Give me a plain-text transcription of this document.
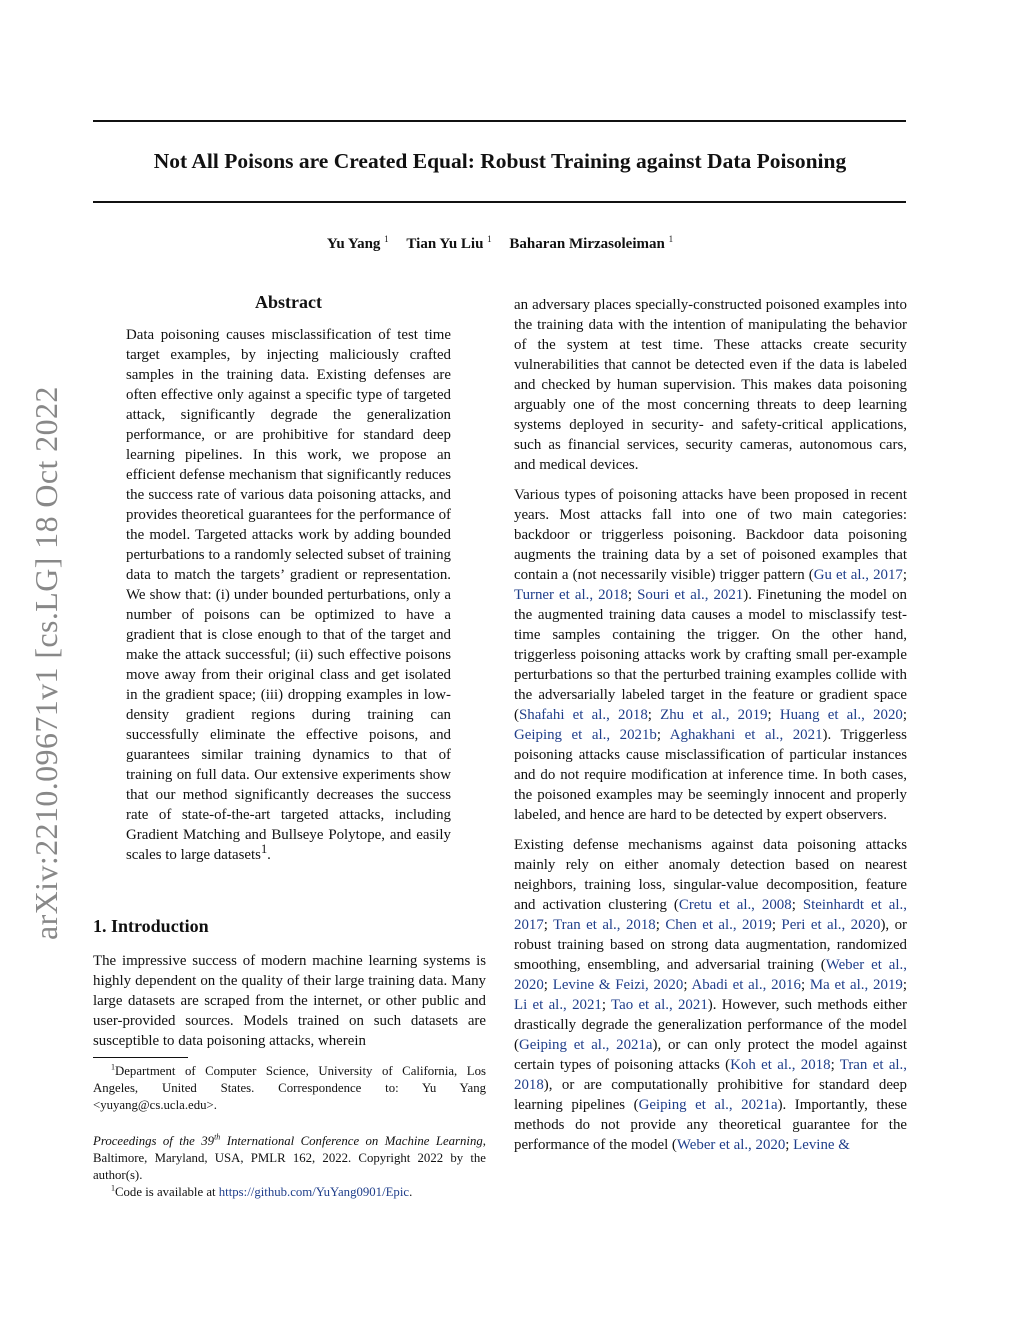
Not All Poisons are Created Equal: Robust Training against Data Poisoning
Yu Yang $^1$ Tian Yu Liu $^1$ Baharan Mirzasoleiman $^1$
arXiv:2210.09671v1 [cs.LG] 18 Oct 2022
Abstract

Data poisoning causes misclassification of test time target examples, by injecting maliciously crafted samples in the training data. Existing defenses are often effective only against a specific type of targeted attack, significantly degrade the generalization performance, or are prohibitive for standard deep learning pipelines. In this work, we propose an efficient defense mechanism that significantly reduces the success rate of various data poisoning attacks, and provides theoretical guarantees for the performance of the model. Targeted attacks work by adding bounded perturbations to a randomly selected subset of training data to match the targets’ gradient or representation. We show that: (i) under bounded perturbations, only a number of poisons can be optimized to have a gradient that is close enough to that of the target and make the attack successful; (ii) such effective poisons move away from their original class and get isolated in the gradient space; (iii) dropping examples in low-density gradient regions during training can successfully eliminate the effective poisons, and guarantees similar training dynamics to that of training on full data. Our extensive experiments show that our method significantly decreases the success rate of state-of-the-art targeted attacks, including Gradient Matching and Bullseye Polytope, and easily scales to large datasets$^1$.

1. Introduction

The impressive success of modern machine learning systems is highly dependent on the quality of their large training data. Many large datasets are scraped from the internet, or other public and user-provided sources. Models trained on such datasets are susceptible to data poisoning attacks, wherein

$^1$Department of Computer Science, University of California, Los Angeles, United States. Correspondence to: Yu Yang <yuyang@cs.ucla.edu>.

Proceedings of the 39th International Conference on Machine Learning, Baltimore, Maryland, USA, PMLR 162, 2022. Copyright 2022 by the author(s).

$^1$Code is available at https://github.com/YuYang0901/Epic.

an adversary places specially-constructed poisoned examples into the training data with the intention of manipulating the behavior of the system at test time. These attacks create security vulnerabilities that cannot be detected even if the data is labeled and checked by human supervision. This makes data poisoning arguably one of the most concerning threats to deep learning systems deployed in security- and safety-critical applications, such as financial services, security cameras, autonomous cars, and medical devices.

Various types of poisoning attacks have been proposed in recent years. Most attacks fall into one of two main categories: backdoor or triggerless poisoning. Backdoor data poisoning augments the training data by a set of poisoned examples that contain a (not necessarily visible) trigger pattern (Gu et al., 2017; Turner et al., 2018; Souri et al., 2021). Finetuning the model on the augmented training data causes a model to misclassify test-time samples containing the trigger. On the other hand, triggerless poisoning attacks work by crafting small per-example perturbations so that the perturbed training examples collide with the adversarially labeled target in the feature or gradient space (Shafahi et al., 2018; Zhu et al., 2019; Huang et al., 2020; Geiping et al., 2021b; Aghakhani et al., 2021). Triggerless poisoning attacks cause misclassification of particular instances and do not require modification at inference time. In both cases, the poisoned examples may be seemingly innocent and properly labeled, and hence are hard to be detected by expert observers.

Existing defense mechanisms against data poisoning attacks mainly rely on either anomaly detection based on nearest neighbors, training loss, singular-value decomposition, feature and activation clustering (Cretu et al., 2008; Steinhardt et al., 2017; Tran et al., 2018; Chen et al., 2019; Peri et al., 2020), or robust training based on strong data augmentation, randomized smoothing, ensembling, and adversarial training (Weber et al., 2020; Levine & Feizi, 2020; Abadi et al., 2016; Ma et al., 2019; Li et al., 2021; Tao et al., 2021). However, such methods either drastically degrade the generalization performance of the model (Geiping et al., 2021a), or can only protect the model against certain types of poisoning attacks (Koh et al., 2018; Tran et al., 2018), or are computationally prohibitive for standard deep learning pipelines (Geiping et al., 2021a). Importantly, these methods do not provide any theoretical guarantee for the performance of the model (Weber et al., 2020; Levine &
